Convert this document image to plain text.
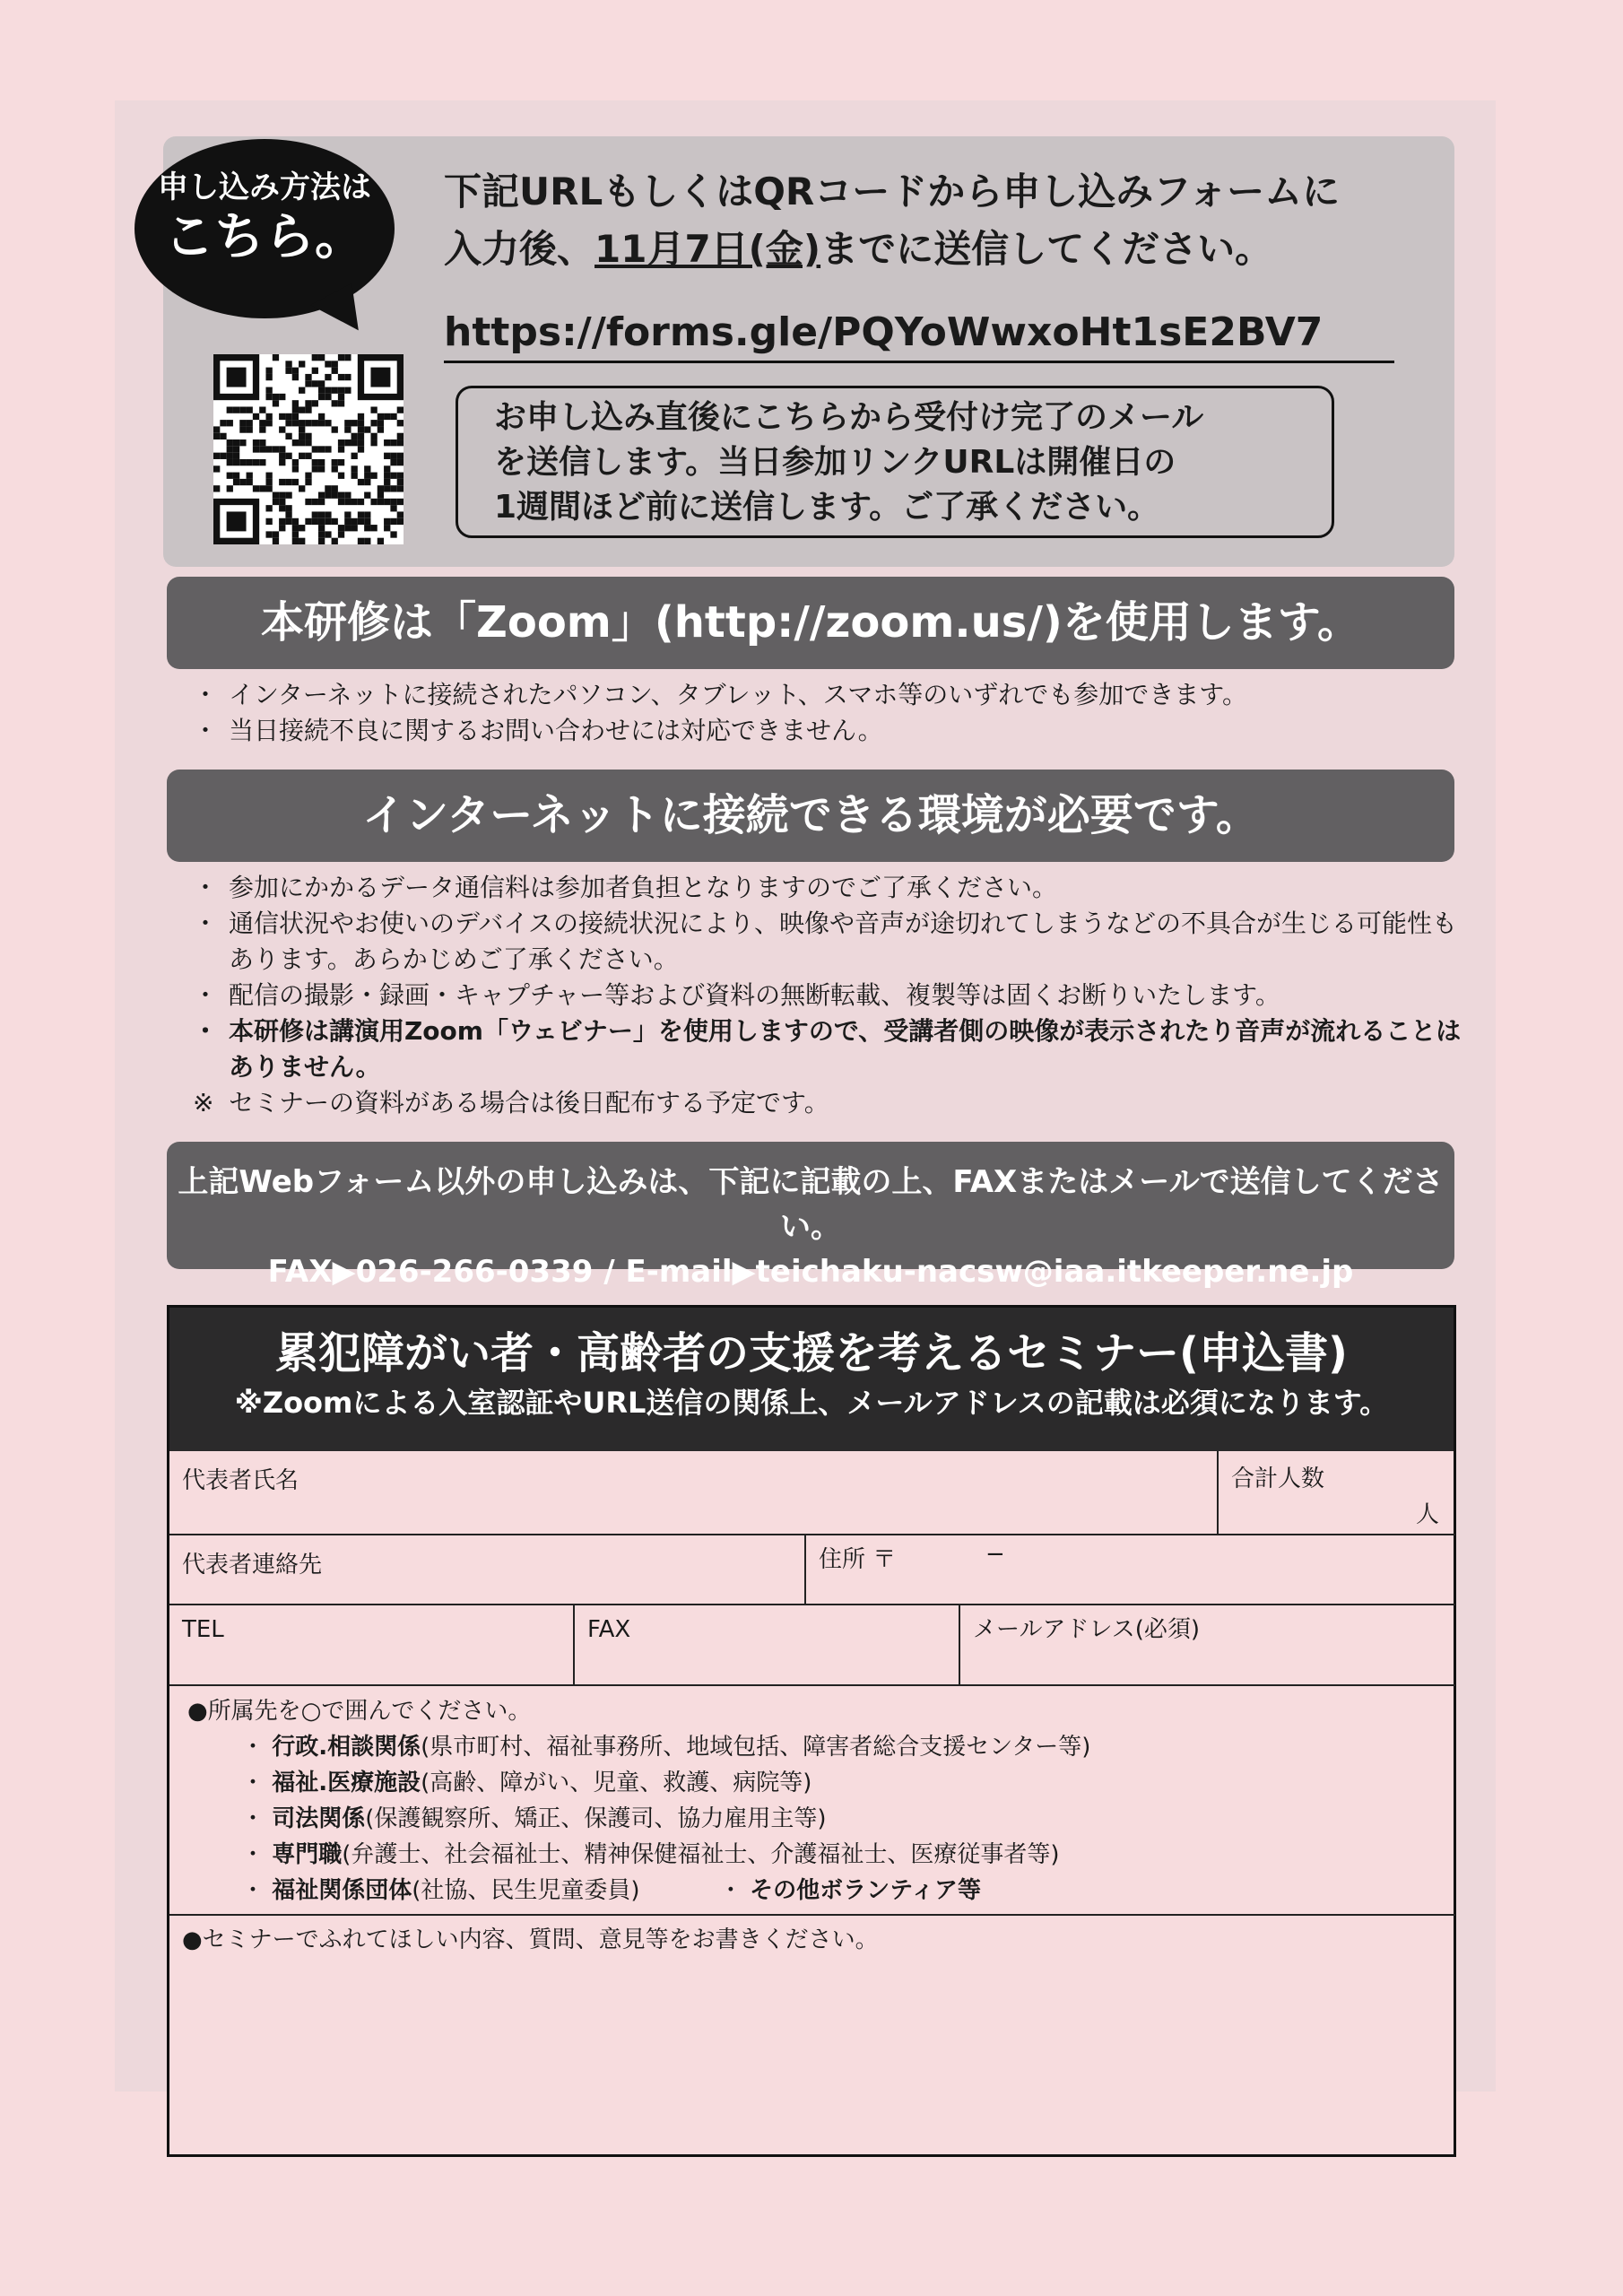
申し込み方法は
こちら。
下記URLもしくはQRコードから申し込みフォームに
入力後、11月7日(金)までに送信してください。
https://forms.gle/PQYoWwxoHt1sE2BV7
お申し込み直後にこちらから受付け完了のメール
を送信します。当日参加リンクURLは開催日の
1週間ほど前に送信します。ご了承ください。
本研修は「Zoom」(http://zoom.us/)を使用します。
・ インターネットに接続されたパソコン、タブレット、スマホ等のいずれでも参加できます。
・ 当日接続不良に関するお問い合わせには対応できません。
インターネットに接続できる環境が必要です。
・ 参加にかかるデータ通信料は参加者負担となりますのでご了承ください。
・ 通信状況やお使いのデバイスの接続状況により、映像や音声が途切れてしまうなどの不具合が生じる可能性もあります。あらかじめご了承ください。
・ 配信の撮影・録画・キャプチャー等および資料の無断転載、複製等は固くお断りいたします。
・ 本研修は講演用Zoom「ウェビナー」を使用しますので、受講者側の映像が表示されたり音声が流れることはありません。
※ セミナーの資料がある場合は後日配布する予定です。
上記Webフォーム以外の申し込みは、下記に記載の上、FAXまたはメールで送信してください。
FAX▶026-266-0339 / E-mail▶teichaku-nacsw@iaa.itkeeper.ne.jp
累犯障がい者・高齢者の支援を考えるセミナー(申込書)
※Zoomによる入室認証やURL送信の関係上、メールアドレスの記載は必須になります。
代表者氏名	合計人数
人
代表者連絡先	住所 〒	−
TEL	FAX	メールアドレス(必須)
●所属先を○で囲んでください。
・ 行政.相談関係(県市町村、福祉事務所、地域包括、障害者総合支援センター等)
・ 福祉.医療施設(高齢、障がい、児童、救護、病院等)
・ 司法関係(保護観察所、矯正、保護司、協力雇用主等)
・ 専門職(弁護士、社会福祉士、精神保健福祉士、介護福祉士、医療従事者等)
・ 福祉関係団体(社協、民生児童委員)	・ その他ボランティア等
●セミナーでふれてほしい内容、質問、意見等をお書きください。
